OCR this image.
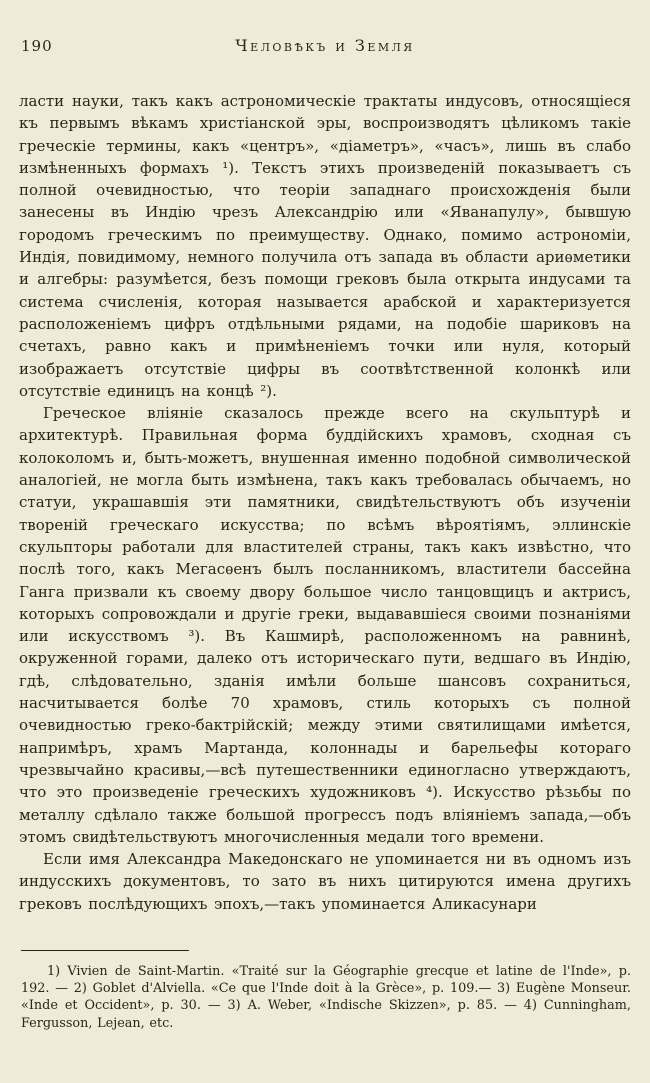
190	Человѣкъ и Земля

ласти науки, такъ какъ астрономическіе трактаты индусовъ, относящіеся къ первымъ вѣкамъ христіанской эры, воспроизводятъ цѣликомъ такіе греческіе термины, какъ «центръ», «діаметръ», «часъ», лишь въ слабо измѣненныхъ формахъ ¹). Текстъ этихъ произведеній показываетъ съ полной очевидностью, что теоріи западнаго происхожденія были занесены въ Индію чрезъ Александрію или «Яванапулу», бывшую городомъ греческимъ по преимуществу. Однако, помимо астрономіи, Индія, повидимому, немного получила отъ запада въ области ариѳметики и алгебры: разумѣется, безъ помощи грековъ была открыта индусами та система счисленія, которая называется арабской и характеризуется расположеніемъ цифръ отдѣльными рядами, на подобіе шариковъ на счетахъ, равно какъ и примѣненіемъ точки или нуля, который изображаетъ отсутствіе цифры въ соотвѣтственной колонкѣ или отсутствіе единицъ на концѣ ²).

Греческое вліяніе сказалось прежде всего на скульптурѣ и архитектурѣ. Правильная форма буддійскихъ храмовъ, сходная съ колоколомъ и, быть-можетъ, внушенная именно подобной символической аналогіей, не могла быть измѣнена, такъ какъ требовалась обычаемъ, но статуи, украшавшія эти памятники, свидѣтельствуютъ объ изученіи твореній греческаго искусства; по всѣмъ вѣроятіямъ, эллинскіе скульпторы работали для властителей страны, такъ какъ извѣстно, что послѣ того, какъ Мегасѳенъ былъ посланникомъ, властители бассейна Ганга призвали къ своему двору большое число танцовщицъ и актрисъ, которыхъ сопровождали и другіе греки, выдававшіеся своими познаніями или искусствомъ ³). Въ Кашмирѣ, расположенномъ на равнинѣ, окруженной горами, далеко отъ историческаго пути, ведшаго въ Индію, гдѣ, слѣдовательно, зданія имѣли больше шансовъ сохраниться, насчитывается болѣе 70 храмовъ, стиль которыхъ съ полной очевидностью греко-бактрійскій; между этими святилищами имѣется, напримѣръ, храмъ Мартанда, колоннады и барельефы котораго чрезвычайно красивы,—всѣ путешественники единогласно утверждаютъ, что это произведеніе греческихъ художниковъ ⁴). Искусство рѣзьбы по металлу сдѣлало также большой прогрессъ подъ вліяніемъ запада,—объ этомъ свидѣтельствуютъ многочисленныя медали того времени.

Если имя Александра Македонскаго не упоминается ни въ одномъ изъ индусскихъ документовъ, то зато въ нихъ цитируются имена другихъ грековъ послѣдующихъ эпохъ,—такъ упоминается Аликасунари

1) Vivien de Saint-Martin. «Traité sur la Géographie grecque et latine de l'Inde», p. 192. — 2) Goblet d'Alviella. «Ce que l'Inde doit à la Grèce», p. 109.— 3) Eugène Monseur. «Inde et Occident», p. 30. — 3) A. Weber, «Indische Skizzen», p. 85. — 4) Cunningham, Fergusson, Lejean, etc.
